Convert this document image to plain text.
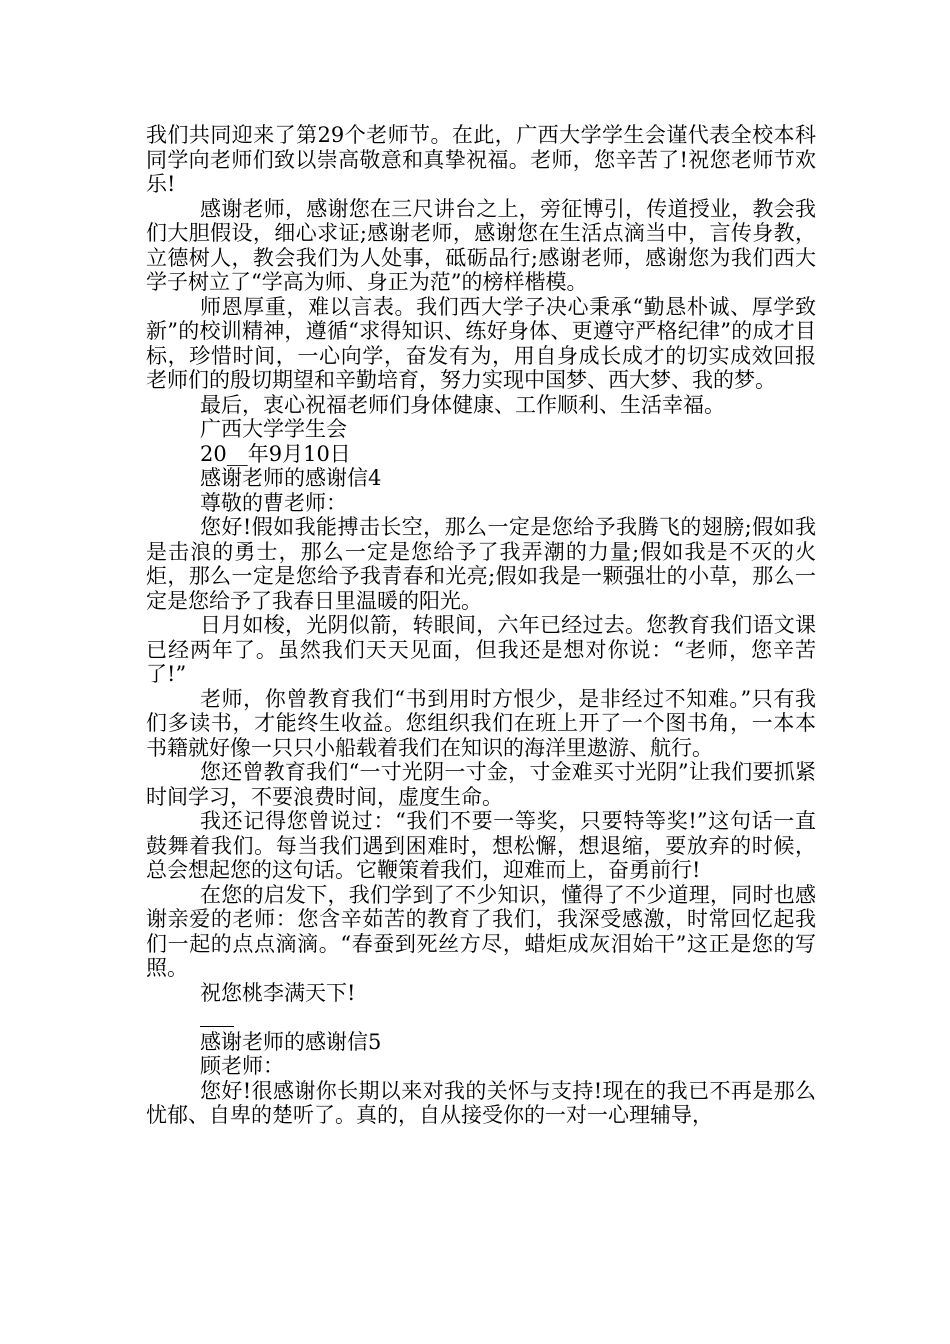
我们共同迎来了第29个老师节。在此，广西大学学生会谨代表全校本科同学向老师们致以崇高敬意和真挚祝福。老师，您辛苦了!祝您老师节欢乐!

感谢老师，感谢您在三尺讲台之上，旁征博引，传道授业，教会我们大胆假设，细心求证;感谢老师，感谢您在生活点滴当中，言传身教，立德树人，教会我们为人处事，砥砺品行;感谢老师，感谢您为我们西大学子树立了“学高为师、身正为范”的榜样楷模。

师恩厚重，难以言表。我们西大学子决心秉承“勤恳朴诚、厚学致新”的校训精神，遵循“求得知识、练好身体、更遵守严格纪律”的成才目标，珍惜时间，一心向学，奋发有为，用自身成长成才的切实成效回报老师们的殷切期望和辛勤培育，努力实现中国梦、西大梦、我的梦。

最后，衷心祝福老师们身体健康、工作顺利、生活幸福。

广西大学学生会

20__年9月10日

感谢老师的感谢信4

尊敬的曹老师：

您好!假如我能搏击长空，那么一定是您给予我腾飞的翅膀;假如我是击浪的勇士，那么一定是您给予了我弄潮的力量;假如我是不灭的火炬，那么一定是您给予我青春和光亮;假如我是一颗强壮的小草，那么一定是您给予了我春日里温暖的阳光。

日月如梭，光阴似箭，转眼间，六年已经过去。您教育我们语文课已经两年了。虽然我们天天见面，但我还是想对你说：“老师，您辛苦了!”

老师，你曾教育我们“书到用时方恨少，是非经过不知难。”只有我们多读书，才能终生收益。您组织我们在班上开了一个图书角，一本本书籍就好像一只只小船载着我们在知识的海洋里遨游、航行。

您还曾教育我们“一寸光阴一寸金，寸金难买寸光阴”让我们要抓紧时间学习，不要浪费时间，虚度生命。

我还记得您曾说过：“我们不要一等奖，只要特等奖!”这句话一直鼓舞着我们。每当我们遇到困难时，想松懈，想退缩，要放弃的时候，总会想起您的这句话。它鞭策着我们，迎难而上，奋勇前行!

在您的启发下，我们学到了不少知识，懂得了不少道理，同时也感谢亲爱的老师：您含辛茹苦的教育了我们，我深受感激，时常回忆起我们一起的点点滴滴。“春蚕到死丝方尽，蜡炬成灰泪始干”这正是您的写照。

祝您桃李满天下!

感谢老师的感谢信5

顾老师：

您好!很感谢你长期以来对我的关怀与支持!现在的我已不再是那么忧郁、自卑的楚听了。真的，自从接受你的一对一心理辅导，
